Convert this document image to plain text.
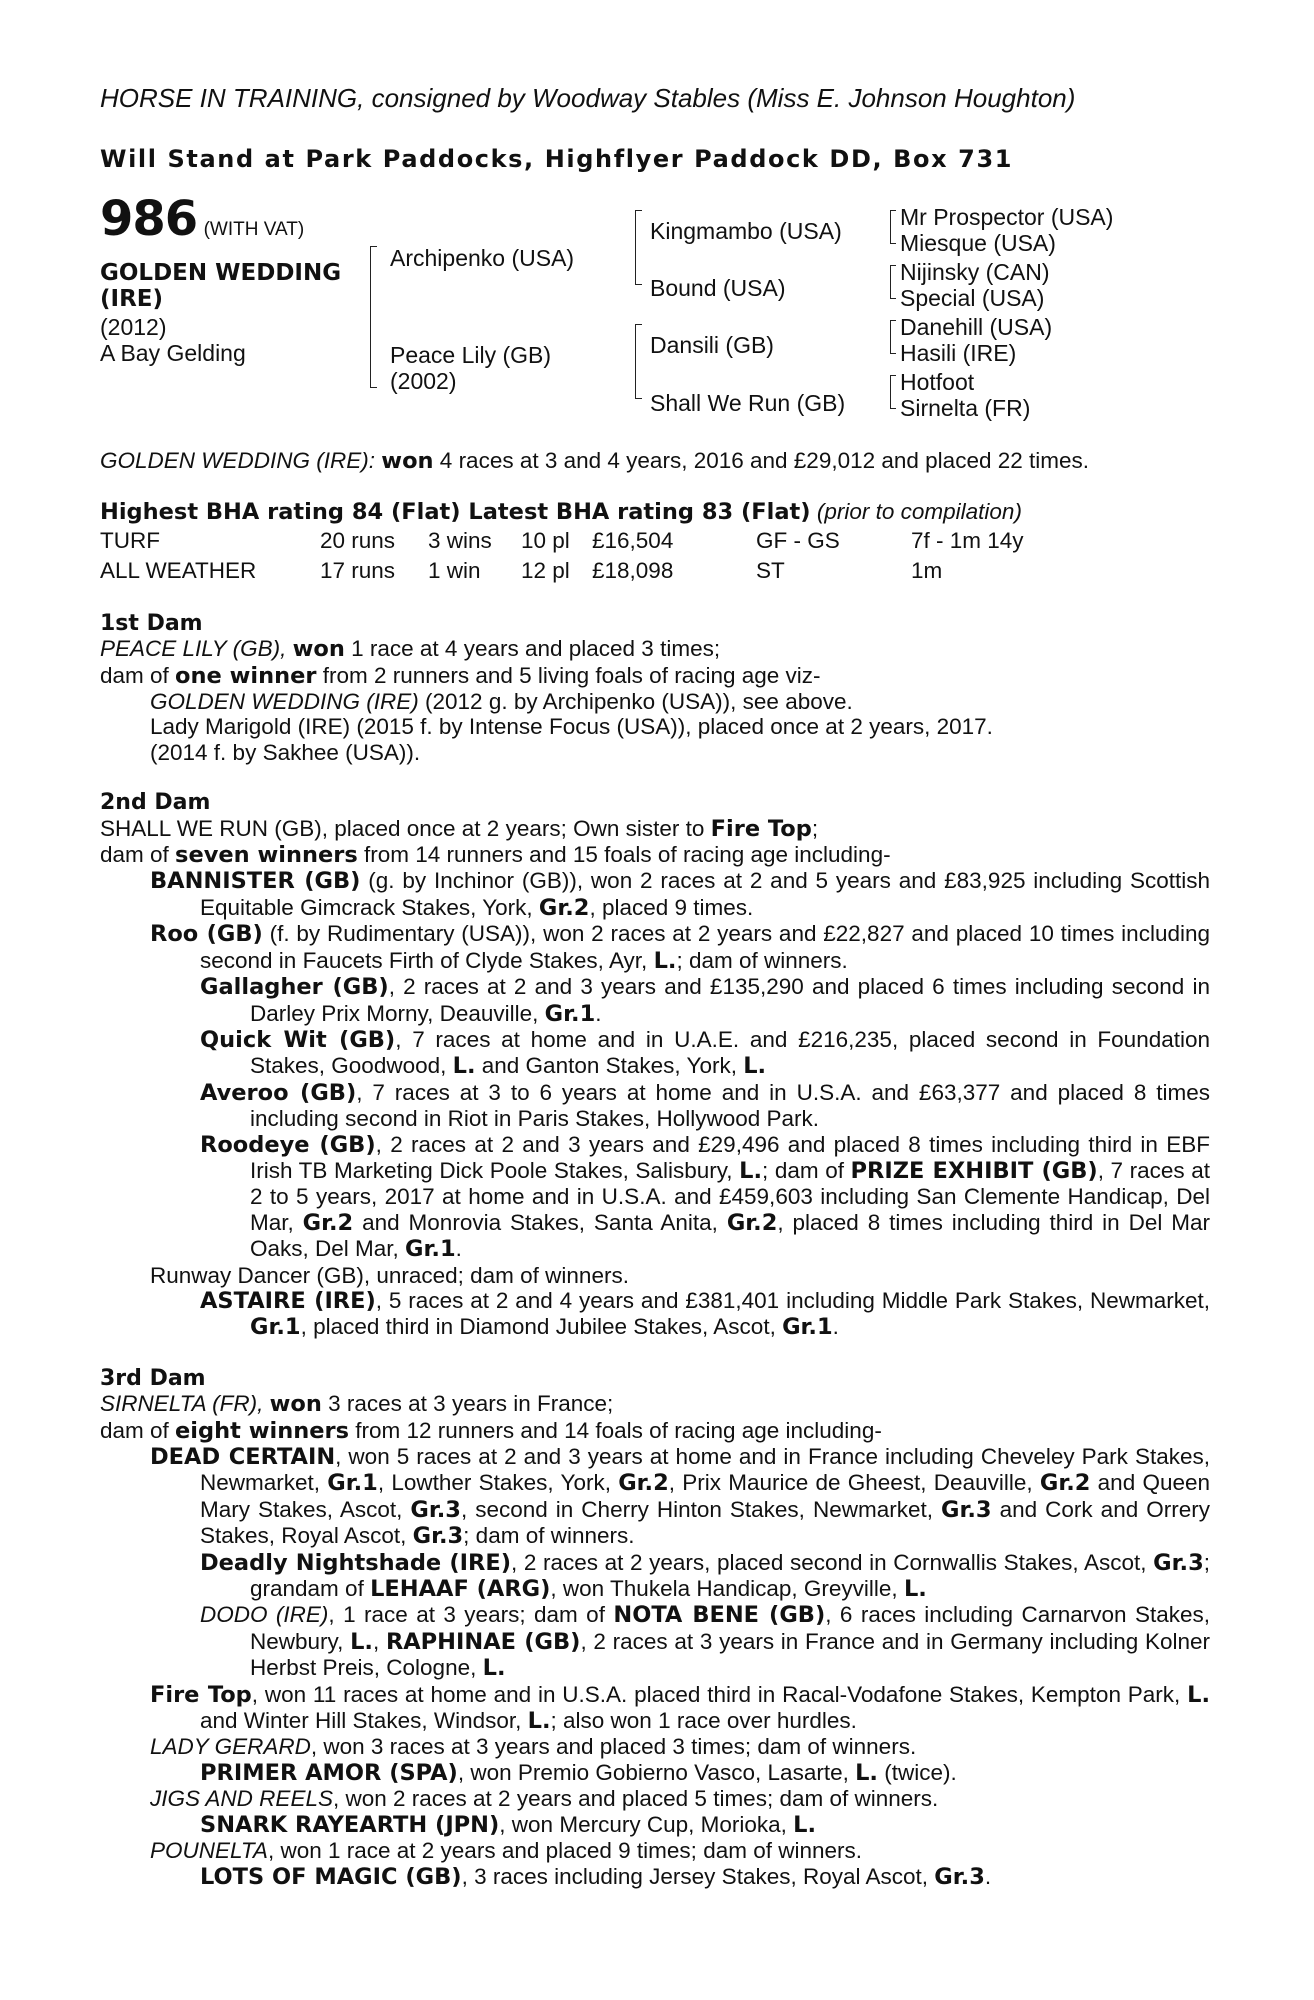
HORSE IN TRAINING, consigned by Woodway Stables (Miss E. Johnson Houghton)
Will Stand at Park Paddocks, Highflyer Paddock DD, Box 731
986 (WITH VAT)
GOLDEN WEDDING
(IRE)
(2012)
A Bay Gelding
Archipenko (USA)
Peace Lily (GB)
(2002)
Kingmambo (USA)
Bound (USA)
Dansili (GB)
Shall We Run (GB)
Mr Prospector (USA)
Miesque (USA)
Nijinsky (CAN)
Special (USA)
Danehill (USA)
Hasili (IRE)
Hotfoot
Sirnelta (FR)

GOLDEN WEDDING (IRE): won 4 races at 3 and 4 years, 2016 and £29,012 and placed 22 times.

Highest BHA rating 84 (Flat) Latest BHA rating 83 (Flat) (prior to compilation)

TURF	20 runs	3 wins	10 pl	£16,504	GF - GS	7f - 1m 14y
ALL WEATHER	17 runs	1 win	12 pl	£18,098	ST	1m

1st Dam

PEACE LILY (GB), won 1 race at 4 years and placed 3 times;

dam of one winner from 2 runners and 5 living foals of racing age viz-

GOLDEN WEDDING (IRE) (2012 g. by Archipenko (USA)), see above.

Lady Marigold (IRE) (2015 f. by Intense Focus (USA)), placed once at 2 years, 2017.

(2014 f. by Sakhee (USA)).

2nd Dam

SHALL WE RUN (GB), placed once at 2 years; Own sister to Fire Top;

dam of seven winners from 14 runners and 15 foals of racing age including-

BANNISTER (GB) (g. by Inchinor (GB)), won 2 races at 2 and 5 years and £83,925 including Scottish Equitable Gimcrack Stakes, York, Gr.2, placed 9 times.

Roo (GB) (f. by Rudimentary (USA)), won 2 races at 2 years and £22,827 and placed 10 times including second in Faucets Firth of Clyde Stakes, Ayr, L.; dam of winners.

Gallagher (GB), 2 races at 2 and 3 years and £135,290 and placed 6 times including second in Darley Prix Morny, Deauville, Gr.1.

Quick Wit (GB), 7 races at home and in U.A.E. and £216,235, placed second in Foundation Stakes, Goodwood, L. and Ganton Stakes, York, L.

Averoo (GB), 7 races at 3 to 6 years at home and in U.S.A. and £63,377 and placed 8 times including second in Riot in Paris Stakes, Hollywood Park.

Roodeye (GB), 2 races at 2 and 3 years and £29,496 and placed 8 times including third in EBF Irish TB Marketing Dick Poole Stakes, Salisbury, L.; dam of PRIZE EXHIBIT (GB), 7 races at 2 to 5 years, 2017 at home and in U.S.A. and £459,603 including San Clemente Handicap, Del Mar, Gr.2 and Monrovia Stakes, Santa Anita, Gr.2, placed 8 times including third in Del Mar Oaks, Del Mar, Gr.1.

Runway Dancer (GB), unraced; dam of winners.

ASTAIRE (IRE), 5 races at 2 and 4 years and £381,401 including Middle Park Stakes, Newmarket, Gr.1, placed third in Diamond Jubilee Stakes, Ascot, Gr.1.

3rd Dam

SIRNELTA (FR), won 3 races at 3 years in France;

dam of eight winners from 12 runners and 14 foals of racing age including-

DEAD CERTAIN, won 5 races at 2 and 3 years at home and in France including Cheveley Park Stakes, Newmarket, Gr.1, Lowther Stakes, York, Gr.2, Prix Maurice de Gheest, Deauville, Gr.2 and Queen Mary Stakes, Ascot, Gr.3, second in Cherry Hinton Stakes, Newmarket, Gr.3 and Cork and Orrery Stakes, Royal Ascot, Gr.3; dam of winners.

Deadly Nightshade (IRE), 2 races at 2 years, placed second in Cornwallis Stakes, Ascot, Gr.3; grandam of LEHAAF (ARG), won Thukela Handicap, Greyville, L.

DODO (IRE), 1 race at 3 years; dam of NOTA BENE (GB), 6 races including Carnarvon Stakes, Newbury, L., RAPHINAE (GB), 2 races at 3 years in France and in Germany including Kolner Herbst Preis, Cologne, L.

Fire Top, won 11 races at home and in U.S.A. placed third in Racal-Vodafone Stakes, Kempton Park, L. and Winter Hill Stakes, Windsor, L.; also won 1 race over hurdles.

LADY GERARD, won 3 races at 3 years and placed 3 times; dam of winners.

PRIMER AMOR (SPA), won Premio Gobierno Vasco, Lasarte, L. (twice).

JIGS AND REELS, won 2 races at 2 years and placed 5 times; dam of winners.

SNARK RAYEARTH (JPN), won Mercury Cup, Morioka, L.

POUNELTA, won 1 race at 2 years and placed 9 times; dam of winners.

LOTS OF MAGIC (GB), 3 races including Jersey Stakes, Royal Ascot, Gr.3.
